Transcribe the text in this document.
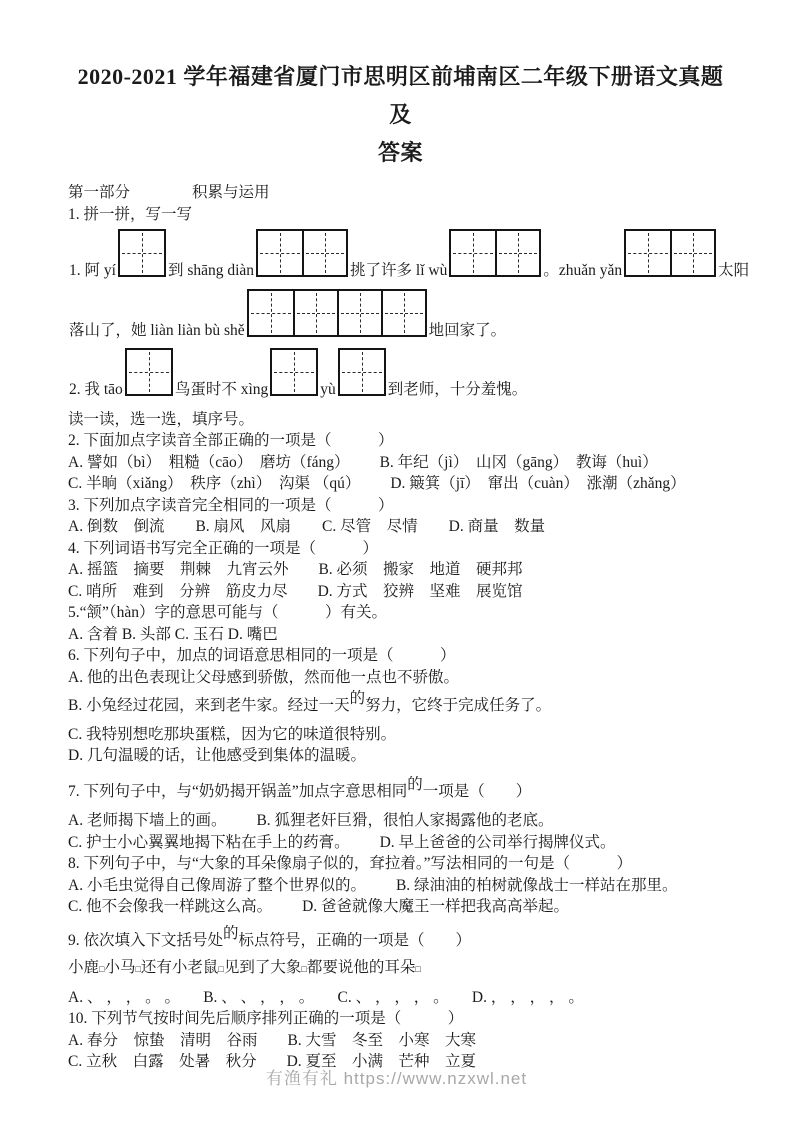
2020-2021 学年福建省厦门市思明区前埔南区二年级下册语文真题及
答案
第一部分　　　　积累与运用
1. 拼一拼，写一写
1. 阿 yí	到 shāng diàn	挑了许多 lǐ wù	。zhuǎn yǎn	太阳
落山了，她 liàn liàn bù shě	地回家了。
2. 我 tāo	鸟蛋时不 xìng	yù	到老师，十分羞愧。
读一读，选一选，填序号。
2. 下面加点字读音全部正确的一项是（　　　）
A. 譬如（bì）　粗糙（cāo）　磨坊（fáng） B. 年纪（jì）　山冈（gāng）　教诲（huì）
C. 半晌（xiǎng）　秩序（zhì）　沟渠 （qú） D. 簸箕（jī）　窜出（cuàn）　涨潮（zhǎng）
3. 下列加点字读音完全相同的一项是（　　　）
A. 倒数　倒流　　B. 扇风　风扇　　C. 尽管　尽情　　D. 商量　数量
4. 下列词语书写完全正确的一项是（　　　）
A. 摇篮　摘要　荆棘　九宵云外 B. 必须　搬家　地道　硬邦邦
C. 哨所　难到　分辨　筋皮力尽 D. 方式　狡辨　坚难　展览馆
5.“颔”（hàn）字的意思可能与（　　　）有关。
A. 含着 B. 头部 C. 玉石 D. 嘴巴
6. 下列句子中，加点的词语意思相同的一项是（　　　）
A. 他的出色表现让父母感到骄傲，然而他一点也不骄傲。
B. 小兔经过花园，来到老牛家。经过一天的努力，它终于完成任务了。
C. 我特别想吃那块蛋糕，因为它的味道很特别。
D. 几句温暖的话，让他感受到集体的温暖。
7. 下列句子中，与“奶奶揭开锅盖”加点字意思相同的一项是（　　）
A. 老师揭下墙上的画。 B. 狐狸老奸巨猾，很怕人家揭露他的老底。
C. 护士小心翼翼地揭下粘在手上的药膏。 D. 早上爸爸的公司举行揭牌仪式。
8. 下列句子中，与“大象的耳朵像扇子似的，耷拉着。”写法相同的一句是（　　　）
A. 小毛虫觉得自己像周游了整个世界似的。 B. 绿油油的柏树就像战士一样站在那里。
C. 他不会像我一样跳这么高。 D. 爸爸就像大魔王一样把我高高举起。
9. 依次填入下文括号处的标点符号，正确的一项是（　　）
小鹿□小马□还有小老鼠□见到了大象□都要说他的耳朵□
A. 、 ， ， 。 。　　B. 、 、 ， ， 。　　C. 、 ， ， ， 。　　D. ， ， ， ， 。
10. 下列节气按时间先后顺序排列正确的一项是（　　　）
A. 春分　惊蛰　清明　谷雨 B. 大雪　冬至　小寒　大寒
C. 立秋　白露　处暑　秋分 D. 夏至　小满　芒种　立夏
有渔有礼 https://www.nzxwl.net
